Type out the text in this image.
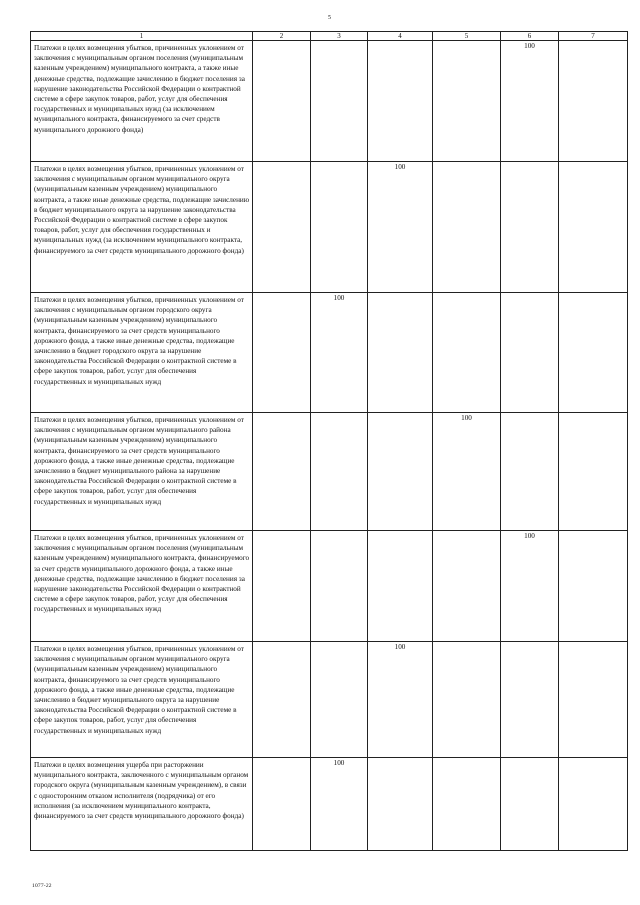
5
1	2	3	4	5	6	7
Платежи в целях возмещения убытков, причиненных уклонением от заключения с муниципальным органом поселения (муниципальным казенным учреждением) муниципального контракта, а также иные денежные средства, подлежащие зачислению в бюджет поселения за нарушение законодательства Российской Федерации о контрактной системе в сфере закупок товаров, работ, услуг для обеспечения государственных и муниципальных нужд (за исключением муниципального контракта, финансируемого за счет средств муниципального дорожного фонда)					100	
Платежи в целях возмещения убытков, причиненных уклонением от заключения с муниципальным органом муниципального округа (муниципальным казенным учреждением) муниципального контракта, а также иные денежные средства, подлежащие зачислению в бюджет муниципального округа за нарушение законодательства Российской Федерации о контрактной системе в сфере закупок товаров, работ, услуг для обеспечения государственных и муниципальных нужд (за исключением муниципального контракта, финансируемого за счет средств муниципального дорожного фонда)			100			
Платежи в целях возмещения убытков, причиненных уклонением от заключения с муниципальным органом городского округа (муниципальным казенным учреждением) муниципального контракта, финансируемого за счет средств муниципального дорожного фонда, а также иные денежные средства, подлежащие зачислению в бюджет городского округа за нарушение законодательства Российской Федерации о контрактной системе в сфере закупок товаров, работ, услуг для обеспечения государственных и муниципальных нужд		100				
Платежи в целях возмещения убытков, причиненных уклонением от заключения с муниципальным органом муниципального района (муниципальным казенным учреждением) муниципального контракта, финансируемого за счет средств муниципального дорожного фонда, а также иные денежные средства, подлежащие зачислению в бюджет муниципального района за нарушение законодательства Российской Федерации о контрактной системе в сфере закупок товаров, работ, услуг для обеспечения государственных и муниципальных нужд				100		
Платежи в целях возмещения убытков, причиненных уклонением от заключения с муниципальным органом поселения (муниципальным казенным учреждением) муниципального контракта, финансируемого за счет средств муниципального дорожного фонда, а также иные денежные средства, подлежащие зачислению в бюджет поселения за нарушение законодательства Российской Федерации о контрактной системе в сфере закупок товаров, работ, услуг для обеспечения государственных и муниципальных нужд					100	
Платежи в целях возмещения убытков, причиненных уклонением от заключения с муниципальным органом муниципального округа (муниципальным казенным учреждением) муниципального контракта, финансируемого за счет средств муниципального дорожного фонда, а также иные денежные средства, подлежащие зачислению в бюджет муниципального округа за нарушение законодательства Российской Федерации о контрактной системе в сфере закупок товаров, работ, услуг для обеспечения государственных и муниципальных нужд			100			
Платежи в целях возмещения ущерба при расторжении муниципального контракта, заключенного с муниципальным органом городского округа (муниципальным казенным учреждением), в связи с односторонним отказом исполнителя (подрядчика) от его исполнения (за исключением муниципального контракта, финансируемого за счет средств муниципального дорожного фонда)		100				
1077-22
